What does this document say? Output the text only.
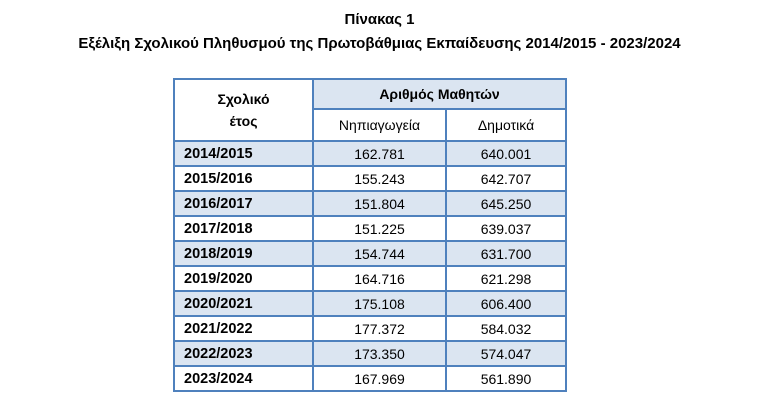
Πίνακας 1
Εξέλιξη Σχολικού Πληθυσμού της Πρωτοβάθμιας Εκπαίδευσης 2014/2015 - 2023/2024
Σχολικό
έτος	Αριθμός Μαθητών	
	Νηπιαγωγεία	Δημοτικά
2014/2015	162.781	640.001
2015/2016	155.243	642.707
2016/2017	151.804	645.250
2017/2018	151.225	639.037
2018/2019	154.744	631.700
2019/2020	164.716	621.298
2020/2021	175.108	606.400
2021/2022	177.372	584.032
2022/2023	173.350	574.047
2023/2024	167.969	561.890
